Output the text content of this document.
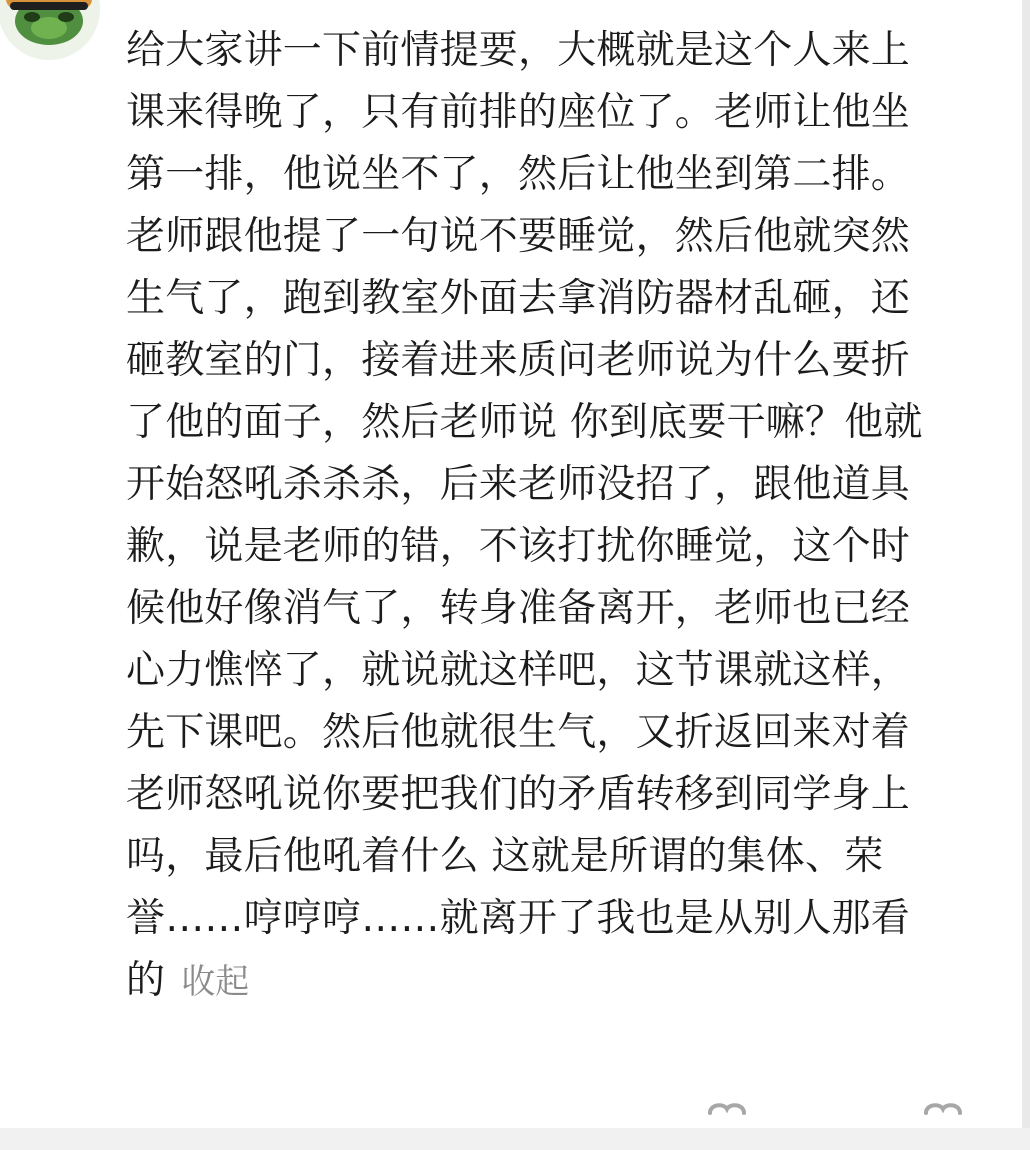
给大家讲一下前情提要，大概就是这个人来上课来得晚了，只有前排的座位了。老师让他坐第一排，他说坐不了，然后让他坐到第二排。老师跟他提了一句说不要睡觉，然后他就突然生气了，跑到教室外面去拿消防器材乱砸，还砸教室的门，接着进来质问老师说为什么要折了他的面子，然后老师说 你到底要干嘛？他就开始怒吼杀杀杀，后来老师没招了，跟他道具歉，说是老师的错，不该打扰你睡觉，这个时候他好像消气了，转身准备离开，老师也已经心力憔悴了，就说就这样吧，这节课就这样，先下课吧。然后他就很生气，又折返回来对着老师怒吼说你要把我们的矛盾转移到同学身上吗，最后他吼着什么 这就是所谓的集体、荣誉……哼哼哼……就离开了我也是从别人那看的 收起
